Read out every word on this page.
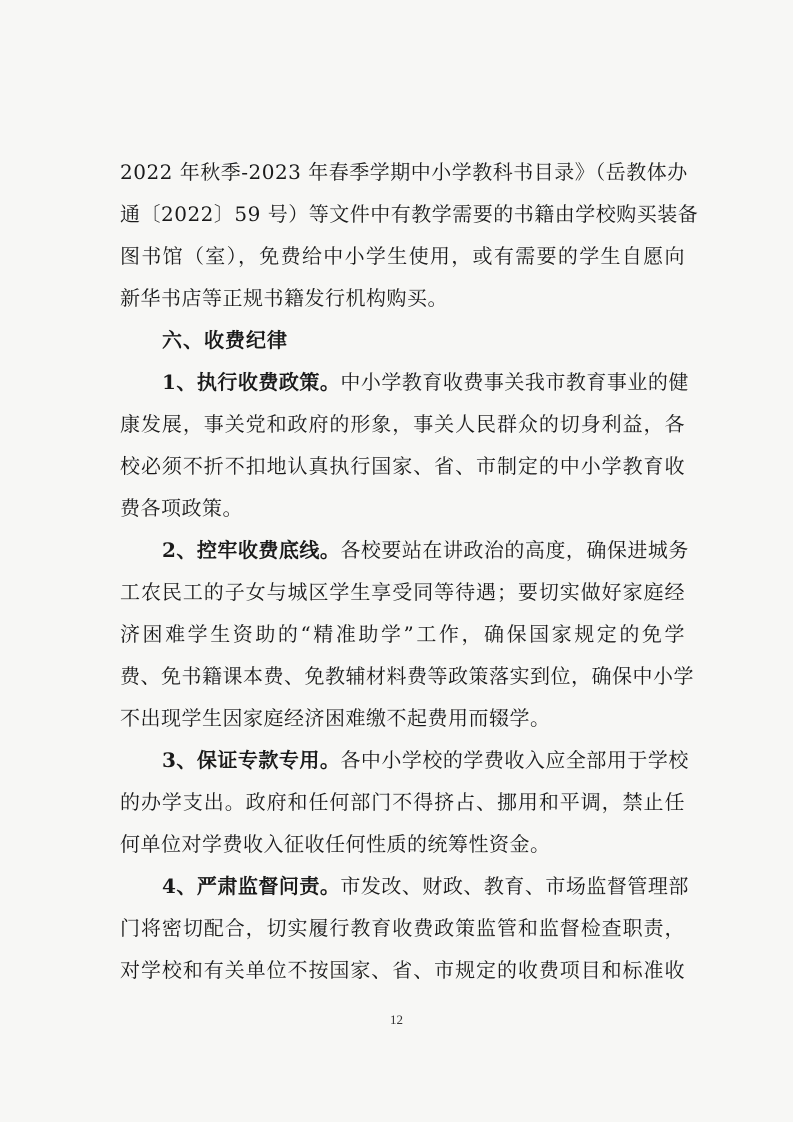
2022 年秋季-2023 年春季学期中小学教科书目录》（岳教体办
通〔2022〕59 号）等文件中有教学需要的书籍由学校购买装备
图书馆（室），免费给中小学生使用，或有需要的学生自愿向
新华书店等正规书籍发行机构购买。
六、收费纪律
1、执行收费政策。中小学教育收费事关我市教育事业的健
康发展，事关党和政府的形象，事关人民群众的切身利益，各
校必须不折不扣地认真执行国家、省、市制定的中小学教育收
费各项政策。
2、控牢收费底线。各校要站在讲政治的高度，确保进城务
工农民工的子女与城区学生享受同等待遇；要切实做好家庭经
济困难学生资助的“精准助学”工作，确保国家规定的免学
费、免书籍课本费、免教辅材料费等政策落实到位，确保中小学
不出现学生因家庭经济困难缴不起费用而辍学。
3、保证专款专用。各中小学校的学费收入应全部用于学校
的办学支出。政府和任何部门不得挤占、挪用和平调，禁止任
何单位对学费收入征收任何性质的统筹性资金。
4、严肃监督问责。市发改、财政、教育、市场监督管理部
门将密切配合，切实履行教育收费政策监管和监督检查职责，
对学校和有关单位不按国家、省、市规定的收费项目和标准收
12
